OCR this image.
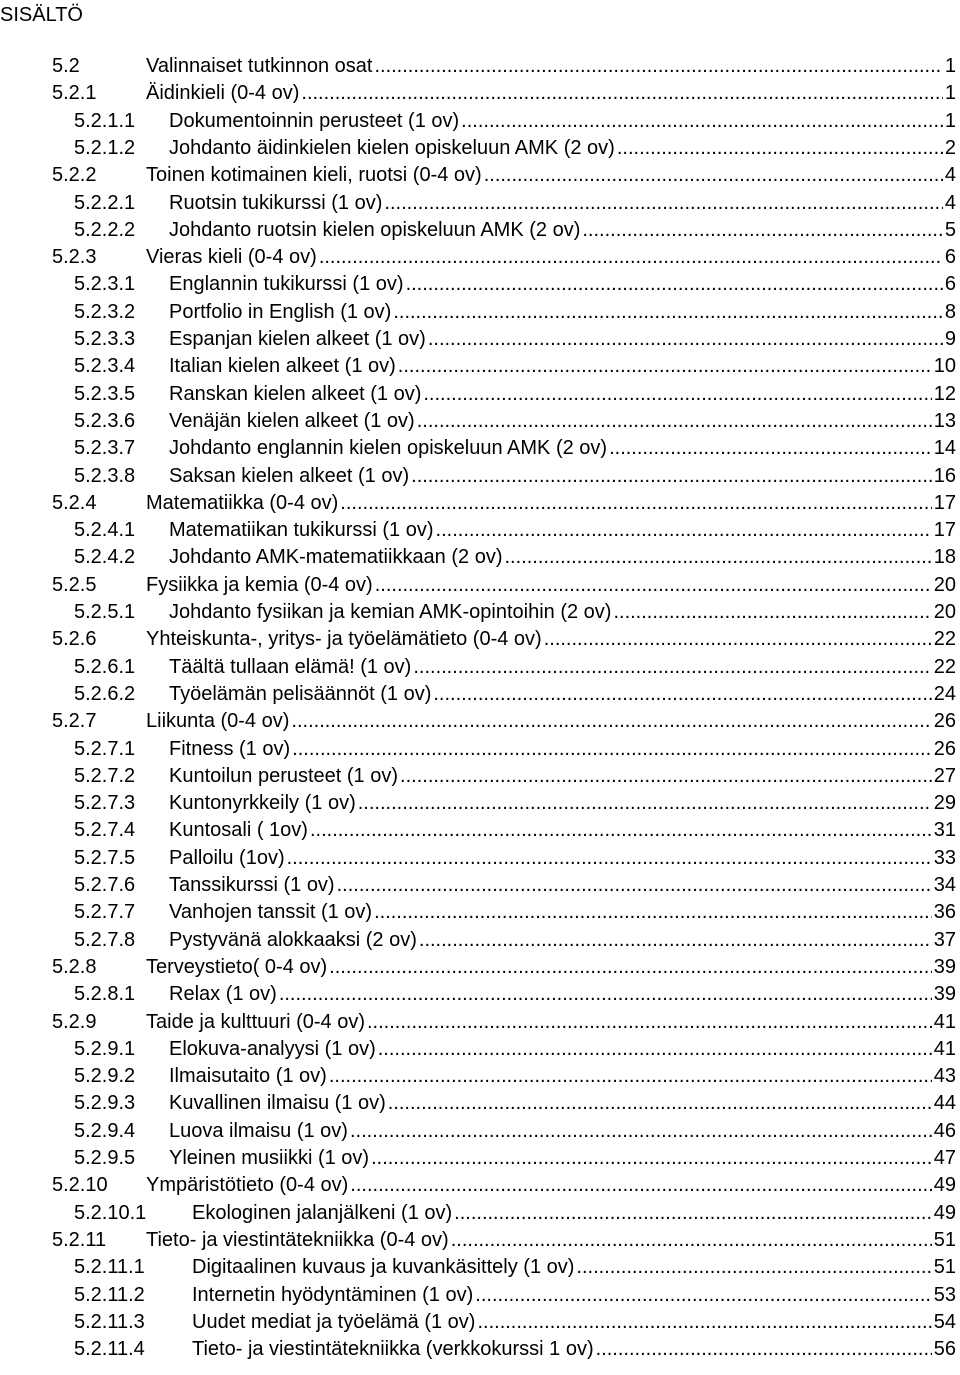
SISÄLTÖ
5.2	Valinnaiset tutkinnon osat .....	1
5.2.1	Äidinkieli (0-4 ov) .....	1
5.2.1.1	Dokumentoinnin perusteet (1 ov) .....	1
5.2.1.2	Johdanto äidinkielen kielen opiskeluun AMK (2 ov) .....	2
5.2.2	Toinen kotimainen kieli, ruotsi (0-4 ov) .....	4
5.2.2.1	Ruotsin tukikurssi (1 ov) .....	4
5.2.2.2	Johdanto ruotsin kielen opiskeluun AMK (2 ov) .....	5
5.2.3	Vieras kieli (0-4 ov) .....	6
5.2.3.1	Englannin tukikurssi (1 ov) .....	6
5.2.3.2	Portfolio in English (1 ov) .....	8
5.2.3.3	Espanjan kielen alkeet (1 ov) .....	9
5.2.3.4	Italian kielen alkeet (1 ov) .....	10
5.2.3.5	Ranskan kielen alkeet (1 ov) .....	12
5.2.3.6	Venäjän kielen alkeet (1 ov) .....	13
5.2.3.7	Johdanto englannin kielen opiskeluun AMK (2 ov) .....	14
5.2.3.8	Saksan kielen alkeet (1 ov) .....	16
5.2.4	Matematiikka (0-4 ov) .....	17
5.2.4.1	Matematiikan tukikurssi (1 ov) .....	17
5.2.4.2	Johdanto AMK-matematiikkaan (2 ov) .....	18
5.2.5	Fysiikka ja kemia (0-4 ov) .....	20
5.2.5.1	Johdanto fysiikan ja kemian AMK-opintoihin (2 ov) .....	20
5.2.6	Yhteiskunta-, yritys- ja työelämätieto (0-4 ov) .....	22
5.2.6.1	Täältä tullaan elämä! (1 ov) .....	22
5.2.6.2	Työelämän pelisäännöt (1 ov) .....	24
5.2.7	Liikunta (0-4 ov) .....	26
5.2.7.1	Fitness (1 ov) .....	26
5.2.7.2	Kuntoilun perusteet (1 ov) .....	27
5.2.7.3	Kuntonyrkkeily (1 ov) .....	29
5.2.7.4	Kuntosali ( 1ov) .....	31
5.2.7.5	Palloilu (1ov) .....	33
5.2.7.6	Tanssikurssi (1 ov) .....	34
5.2.7.7	Vanhojen tanssit (1 ov) .....	36
5.2.7.8	Pystyvänä alokkaaksi (2 ov) .....	37
5.2.8	Terveystieto( 0-4 ov) .....	39
5.2.8.1	Relax (1 ov) .....	39
5.2.9	Taide ja kulttuuri (0-4 ov) .....	41
5.2.9.1	Elokuva-analyysi (1 ov) .....	41
5.2.9.2	Ilmaisutaito (1 ov) .....	43
5.2.9.3	Kuvallinen ilmaisu (1 ov) .....	44
5.2.9.4	Luova ilmaisu (1 ov) .....	46
5.2.9.5	Yleinen musiikki (1 ov) .....	47
5.2.10	Ympäristötieto (0-4 ov) .....	49
5.2.10.1	Ekologinen jalanjälkeni (1 ov) .....	49
5.2.11	Tieto- ja viestintätekniikka (0-4 ov) .....	51
5.2.11.1	Digitaalinen kuvaus ja kuvankäsittely (1 ov) .....	51
5.2.11.2	Internetin hyödyntäminen (1 ov) .....	53
5.2.11.3	Uudet mediat ja työelämä (1 ov) .....	54
5.2.11.4	Tieto- ja viestintätekniikka (verkkokurssi 1 ov) .....	56
